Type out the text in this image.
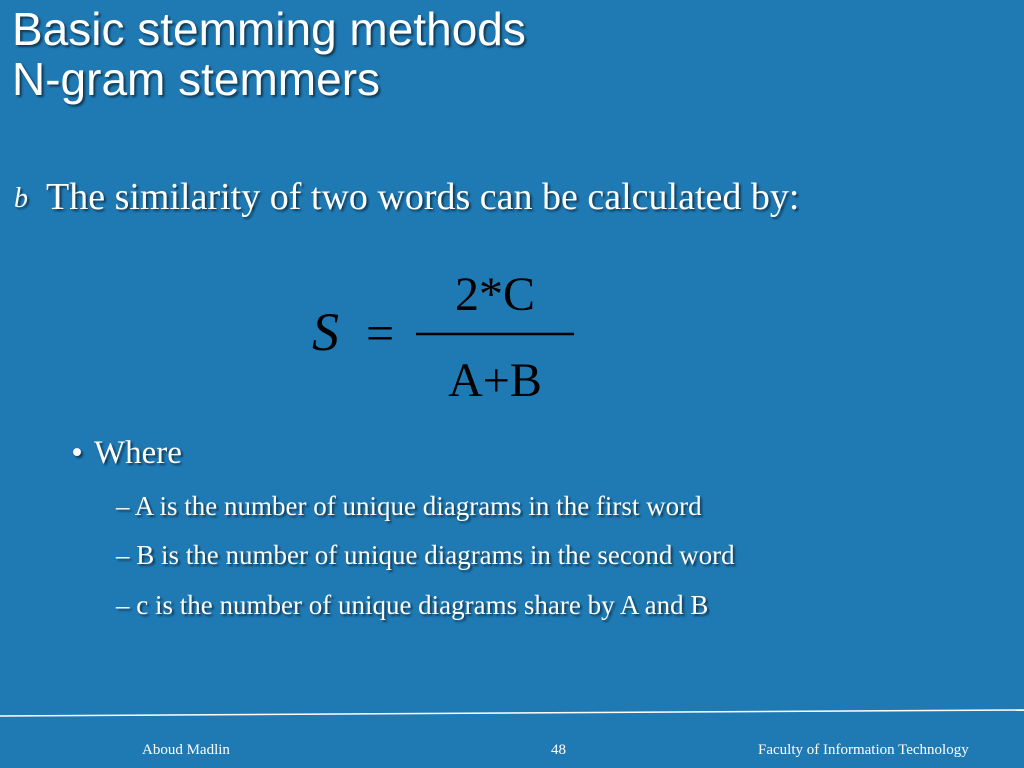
Basic stemming methods
N-gram stemmers
b The similarity of two words can be calculated by:
S =
2*C
A+B
• Where
– A is the number of unique diagrams in the first word
– B is the number of unique diagrams in the second word
– c is the number of unique diagrams share by A and B
Aboud Madlin	48	Faculty of Information Technology
